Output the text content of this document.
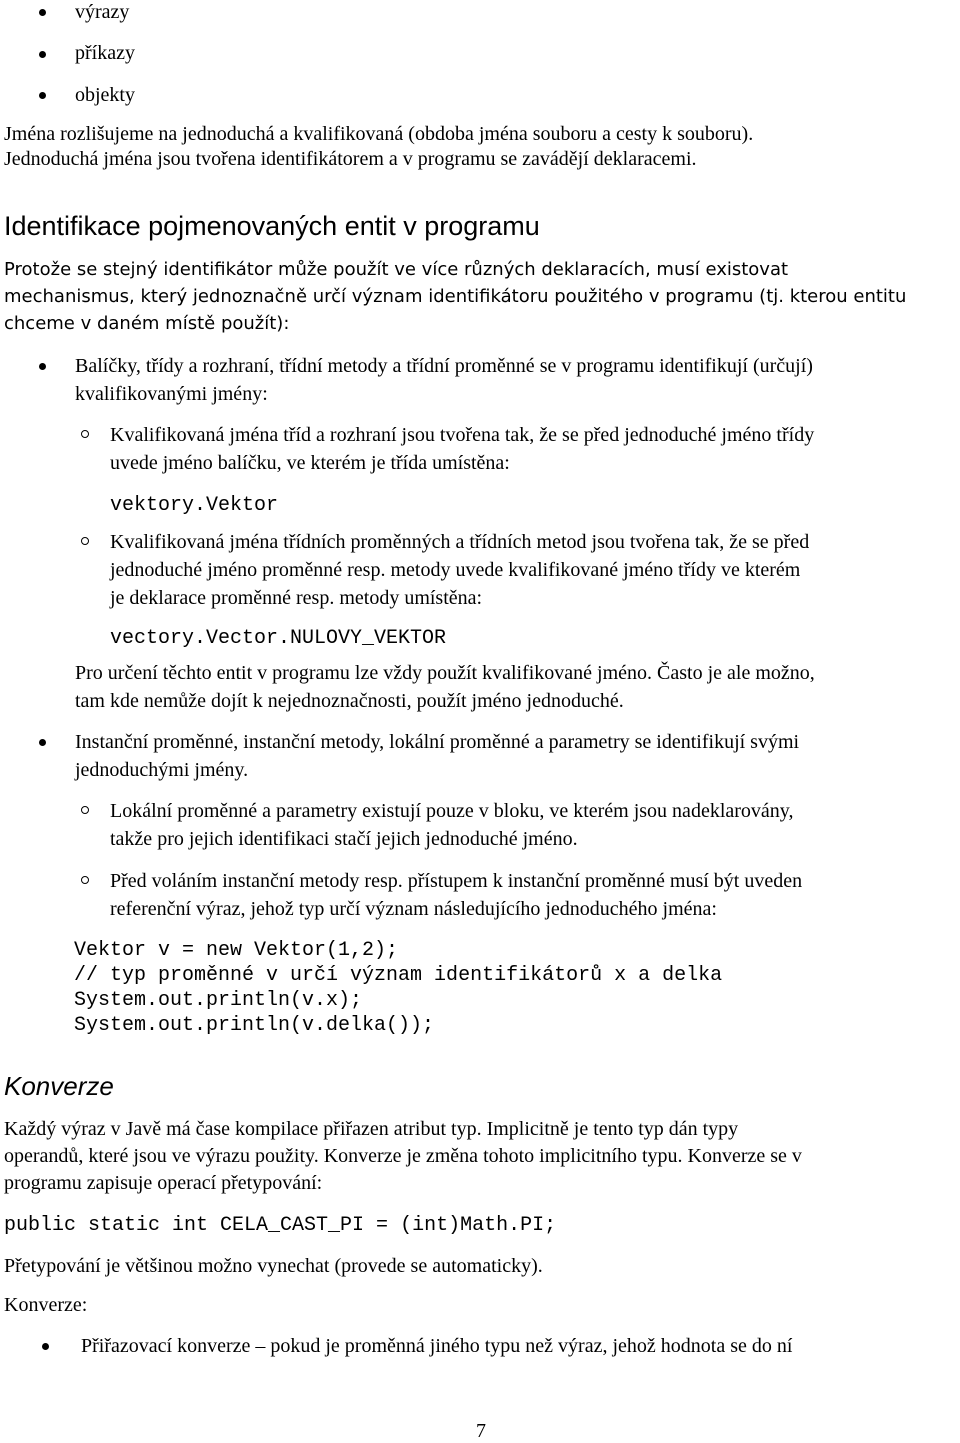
výrazy
příkazy
objekty
Jména rozlišujeme na jednoduchá a kvalifikovaná (obdoba jména souboru a cesty k souboru).
Jednoduchá jména jsou tvořena identifikátorem a v programu se zavádějí deklaracemi.
Identifikace pojmenovaných entit v programu
Protože se stejný identifikátor může použít ve více různých deklaracích, musí existovat
mechanismus, který jednoznačně určí význam identifikátoru použitého v programu (tj. kterou entitu
chceme v daném místě použít):
Balíčky, třídy a rozhraní, třídní metody a třídní proměnné se v programu identifikují (určují)
kvalifikovanými jmény:
Kvalifikovaná jména tříd a rozhraní jsou tvořena tak, že se před jednoduché jméno třídy
uvede jméno balíčku, ve kterém je třída umístěna:
vektory.Vektor
Kvalifikovaná jména třídních proměnných a třídních metod jsou tvořena tak, že se před
jednoduché jméno proměnné resp. metody uvede kvalifikované jméno třídy ve kterém
je deklarace proměnné resp. metody umístěna:
vectory.Vector.NULOVY_VEKTOR
Pro určení těchto entit v programu lze vždy použít kvalifikované jméno. Často je ale možno,
tam kde nemůže dojít k nejednoznačnosti, použít jméno jednoduché.
Instanční proměnné, instanční metody, lokální proměnné a parametry se identifikují svými
jednoduchými jmény.
Lokální proměnné a parametry existují pouze v bloku, ve kterém jsou nadeklarovány,
takže pro jejich identifikaci stačí jejich jednoduché jméno.
Před voláním instanční metody resp. přístupem k instanční proměnné musí být uveden
referenční výraz, jehož typ určí význam následujícího jednoduchého jména:
Vektor v = new Vektor(1,2);
// typ proměnné v určí význam identifikátorů x a delka
System.out.println(v.x);
System.out.println(v.delka());
Konverze
Každý výraz v Javě má čase kompilace přiřazen atribut typ. Implicitně je tento typ dán typy
operandů, které jsou ve výrazu použity. Konverze je změna tohoto implicitního typu. Konverze se v
programu zapisuje operací přetypování:
public static int CELA_CAST_PI = (int)Math.PI;
Přetypování je většinou možno vynechat (provede se automaticky).
Konverze:
Přiřazovací konverze – pokud je proměnná jiného typu než výraz, jehož hodnota se do ní
7
